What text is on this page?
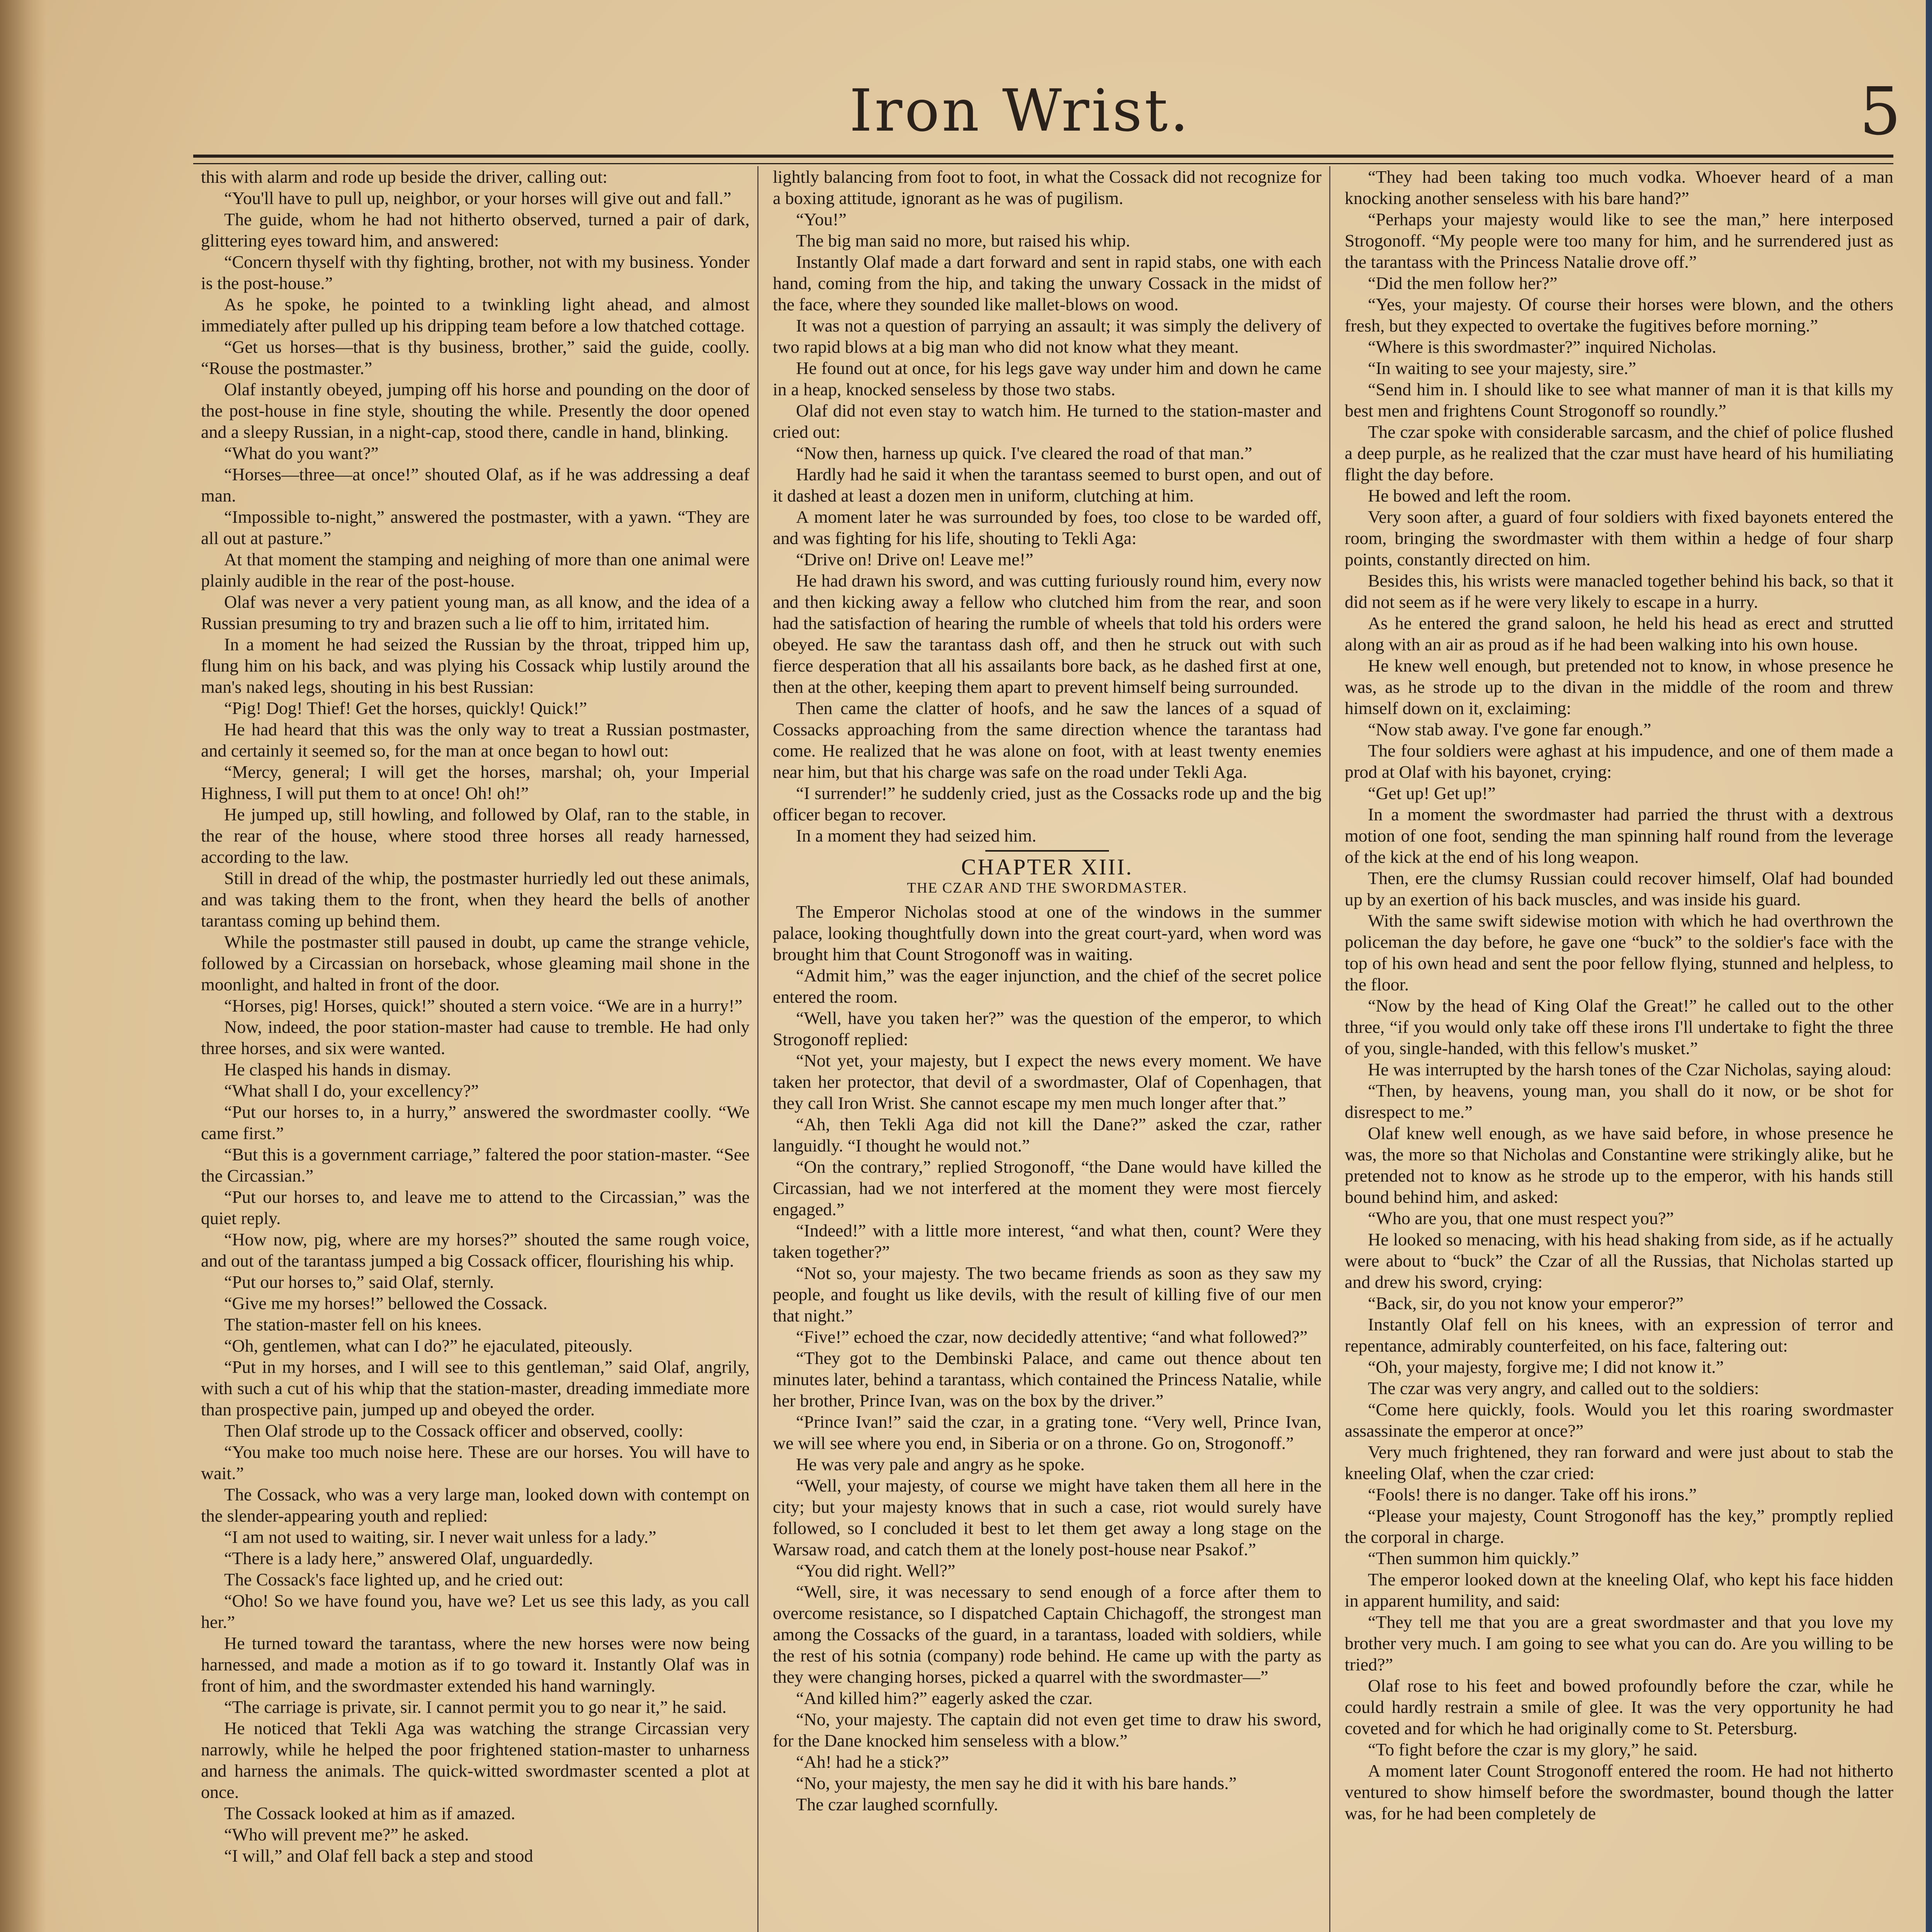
Iron Wrist.	5

this with alarm and rode up beside the driver, calling out:

“You'll have to pull up, neighbor, or your horses will give out and fall.”

The guide, whom he had not hitherto observed, turned a pair of dark, glittering eyes toward him, and answered:

“Concern thyself with thy fighting, brother, not with my business. Yonder is the post-house.”

As he spoke, he pointed to a twinkling light ahead, and almost immediately after pulled up his dripping team before a low thatched cottage.

“Get us horses—that is thy business, brother,” said the guide, coolly. “Rouse the postmaster.”

Olaf instantly obeyed, jumping off his horse and pounding on the door of the post-house in fine style, shouting the while. Presently the door opened and a sleepy Russian, in a night-cap, stood there, candle in hand, blinking.

“What do you want?”

“Horses—three—at once!” shouted Olaf, as if he was addressing a deaf man.

“Impossible to-night,” answered the postmaster, with a yawn. “They are all out at pasture.”

At that moment the stamping and neighing of more than one animal were plainly audible in the rear of the post-house.

Olaf was never a very patient young man, as all know, and the idea of a Russian presuming to try and brazen such a lie off to him, irritated him.

In a moment he had seized the Russian by the throat, tripped him up, flung him on his back, and was plying his Cossack whip lustily around the man's naked legs, shouting in his best Russian:

“Pig! Dog! Thief! Get the horses, quickly! Quick!”

He had heard that this was the only way to treat a Russian postmaster, and certainly it seemed so, for the man at once began to howl out:

“Mercy, general; I will get the horses, marshal; oh, your Imperial Highness, I will put them to at once! Oh! oh!”

He jumped up, still howling, and followed by Olaf, ran to the stable, in the rear of the house, where stood three horses all ready harnessed, according to the law.

Still in dread of the whip, the postmaster hurriedly led out these animals, and was taking them to the front, when they heard the bells of another tarantass coming up behind them.

While the postmaster still paused in doubt, up came the strange vehicle, followed by a Circassian on horseback, whose gleaming mail shone in the moonlight, and halted in front of the door.

“Horses, pig! Horses, quick!” shouted a stern voice. “We are in a hurry!”

Now, indeed, the poor station-master had cause to tremble. He had only three horses, and six were wanted.

He clasped his hands in dismay.

“What shall I do, your excellency?”

“Put our horses to, in a hurry,” answered the swordmaster coolly. “We came first.”

“But this is a government carriage,” faltered the poor station-master. “See the Circassian.”

“Put our horses to, and leave me to attend to the Circassian,” was the quiet reply.

“How now, pig, where are my horses?” shouted the same rough voice, and out of the tarantass jumped a big Cossack officer, flourishing his whip.

“Put our horses to,” said Olaf, sternly.

“Give me my horses!” bellowed the Cossack.

The station-master fell on his knees.

“Oh, gentlemen, what can I do?” he ejaculated, piteously.

“Put in my horses, and I will see to this gentleman,” said Olaf, angrily, with such a cut of his whip that the station-master, dreading immediate more than prospective pain, jumped up and obeyed the order.

Then Olaf strode up to the Cossack officer and observed, coolly:

“You make too much noise here. These are our horses. You will have to wait.”

The Cossack, who was a very large man, looked down with contempt on the slender-appearing youth and replied:

“I am not used to waiting, sir. I never wait unless for a lady.”

“There is a lady here,” answered Olaf, unguardedly.

The Cossack's face lighted up, and he cried out:

“Oho! So we have found you, have we? Let us see this lady, as you call her.”

He turned toward the tarantass, where the new horses were now being harnessed, and made a motion as if to go toward it. Instantly Olaf was in front of him, and the swordmaster extended his hand warningly.

“The carriage is private, sir. I cannot permit you to go near it,” he said.

He noticed that Tekli Aga was watching the strange Circassian very narrowly, while he helped the poor frightened station-master to unharness and harness the animals. The quick-witted swordmaster scented a plot at once.

The Cossack looked at him as if amazed.

“Who will prevent me?” he asked.

“I will,” and Olaf fell back a step and stood

lightly balancing from foot to foot, in what the Cossack did not recognize for a boxing attitude, ignorant as he was of pugilism.

“You!”

The big man said no more, but raised his whip.

Instantly Olaf made a dart forward and sent in rapid stabs, one with each hand, coming from the hip, and taking the unwary Cossack in the midst of the face, where they sounded like mallet-blows on wood.

It was not a question of parrying an assault; it was simply the delivery of two rapid blows at a big man who did not know what they meant.

He found out at once, for his legs gave way under him and down he came in a heap, knocked senseless by those two stabs.

Olaf did not even stay to watch him. He turned to the station-master and cried out:

“Now then, harness up quick. I've cleared the road of that man.”

Hardly had he said it when the tarantass seemed to burst open, and out of it dashed at least a dozen men in uniform, clutching at him.

A moment later he was surrounded by foes, too close to be warded off, and was fighting for his life, shouting to Tekli Aga:

“Drive on! Drive on! Leave me!”

He had drawn his sword, and was cutting furiously round him, every now and then kicking away a fellow who clutched him from the rear, and soon had the satisfaction of hearing the rumble of wheels that told his orders were obeyed. He saw the tarantass dash off, and then he struck out with such fierce desperation that all his assailants bore back, as he dashed first at one, then at the other, keeping them apart to prevent himself being surrounded.

Then came the clatter of hoofs, and he saw the lances of a squad of Cossacks approaching from the same direction whence the tarantass had come. He realized that he was alone on foot, with at least twenty enemies near him, but that his charge was safe on the road under Tekli Aga.

“I surrender!” he suddenly cried, just as the Cossacks rode up and the big officer began to recover.

In a moment they had seized him.

CHAPTER XIII.
THE CZAR AND THE SWORDMASTER.

The Emperor Nicholas stood at one of the windows in the summer palace, looking thoughtfully down into the great court-yard, when word was brought him that Count Strogonoff was in waiting.

“Admit him,” was the eager injunction, and the chief of the secret police entered the room.

“Well, have you taken her?” was the question of the emperor, to which Strogonoff replied:

“Not yet, your majesty, but I expect the news every moment. We have taken her protector, that devil of a swordmaster, Olaf of Copenhagen, that they call Iron Wrist. She cannot escape my men much longer after that.”

“Ah, then Tekli Aga did not kill the Dane?” asked the czar, rather languidly. “I thought he would not.”

“On the contrary,” replied Strogonoff, “the Dane would have killed the Circassian, had we not interfered at the moment they were most fiercely engaged.”

“Indeed!” with a little more interest, “and what then, count? Were they taken together?”

“Not so, your majesty. The two became friends as soon as they saw my people, and fought us like devils, with the result of killing five of our men that night.”

“Five!” echoed the czar, now decidedly attentive; “and what followed?”

“They got to the Dembinski Palace, and came out thence about ten minutes later, behind a tarantass, which contained the Princess Natalie, while her brother, Prince Ivan, was on the box by the driver.”

“Prince Ivan!” said the czar, in a grating tone. “Very well, Prince Ivan, we will see where you end, in Siberia or on a throne. Go on, Strogonoff.”

He was very pale and angry as he spoke.

“Well, your majesty, of course we might have taken them all here in the city; but your majesty knows that in such a case, riot would surely have followed, so I concluded it best to let them get away a long stage on the Warsaw road, and catch them at the lonely post-house near Psakof.”

“You did right. Well?”

“Well, sire, it was necessary to send enough of a force after them to overcome resistance, so I dispatched Captain Chichagoff, the strongest man among the Cossacks of the guard, in a tarantass, loaded with soldiers, while the rest of his sotnia (company) rode behind. He came up with the party as they were changing horses, picked a quarrel with the swordmaster—”

“And killed him?” eagerly asked the czar.

“No, your majesty. The captain did not even get time to draw his sword, for the Dane knocked him senseless with a blow.”

“Ah! had he a stick?”

“No, your majesty, the men say he did it with his bare hands.”

The czar laughed scornfully.

“They had been taking too much vodka. Whoever heard of a man knocking another senseless with his bare hand?”

“Perhaps your majesty would like to see the man,” here interposed Strogonoff. “My people were too many for him, and he surrendered just as the tarantass with the Princess Natalie drove off.”

“Did the men follow her?”

“Yes, your majesty. Of course their horses were blown, and the others fresh, but they expected to overtake the fugitives before morning.”

“Where is this swordmaster?” inquired Nicholas.

“In waiting to see your majesty, sire.”

“Send him in. I should like to see what manner of man it is that kills my best men and frightens Count Strogonoff so roundly.”

The czar spoke with considerable sarcasm, and the chief of police flushed a deep purple, as he realized that the czar must have heard of his humiliating flight the day before.

He bowed and left the room.

Very soon after, a guard of four soldiers with fixed bayonets entered the room, bringing the swordmaster with them within a hedge of four sharp points, constantly directed on him.

Besides this, his wrists were manacled together behind his back, so that it did not seem as if he were very likely to escape in a hurry.

As he entered the grand saloon, he held his head as erect and strutted along with an air as proud as if he had been walking into his own house.

He knew well enough, but pretended not to know, in whose presence he was, as he strode up to the divan in the middle of the room and threw himself down on it, exclaiming:

“Now stab away. I've gone far enough.”

The four soldiers were aghast at his impudence, and one of them made a prod at Olaf with his bayonet, crying:

“Get up! Get up!”

In a moment the swordmaster had parried the thrust with a dextrous motion of one foot, sending the man spinning half round from the leverage of the kick at the end of his long weapon.

Then, ere the clumsy Russian could recover himself, Olaf had bounded up by an exertion of his back muscles, and was inside his guard.

With the same swift sidewise motion with which he had overthrown the policeman the day before, he gave one “buck” to the soldier's face with the top of his own head and sent the poor fellow flying, stunned and helpless, to the floor.

“Now by the head of King Olaf the Great!” he called out to the other three, “if you would only take off these irons I'll undertake to fight the three of you, single-handed, with this fellow's musket.”

He was interrupted by the harsh tones of the Czar Nicholas, saying aloud:

“Then, by heavens, young man, you shall do it now, or be shot for disrespect to me.”

Olaf knew well enough, as we have said before, in whose presence he was, the more so that Nicholas and Constantine were strikingly alike, but he pretended not to know as he strode up to the emperor, with his hands still bound behind him, and asked:

“Who are you, that one must respect you?”

He looked so menacing, with his head shaking from side, as if he actually were about to “buck” the Czar of all the Russias, that Nicholas started up and drew his sword, crying:

“Back, sir, do you not know your emperor?”

Instantly Olaf fell on his knees, with an expression of terror and repentance, admirably counterfeited, on his face, faltering out:

“Oh, your majesty, forgive me; I did not know it.”

The czar was very angry, and called out to the soldiers:

“Come here quickly, fools. Would you let this roaring swordmaster assassinate the emperor at once?”

Very much frightened, they ran forward and were just about to stab the kneeling Olaf, when the czar cried:

“Fools! there is no danger. Take off his irons.”

“Please your majesty, Count Strogonoff has the key,” promptly replied the corporal in charge.

“Then summon him quickly.”

The emperor looked down at the kneeling Olaf, who kept his face hidden in apparent humility, and said:

“They tell me that you are a great swordmaster and that you love my brother very much. I am going to see what you can do. Are you willing to be tried?”

Olaf rose to his feet and bowed profoundly before the czar, while he could hardly restrain a smile of glee. It was the very opportunity he had coveted and for which he had originally come to St. Petersburg.

“To fight before the czar is my glory,” he said.

A moment later Count Strogonoff entered the room. He had not hitherto ventured to show himself before the swordmaster, bound though the latter was, for he had been completely de
